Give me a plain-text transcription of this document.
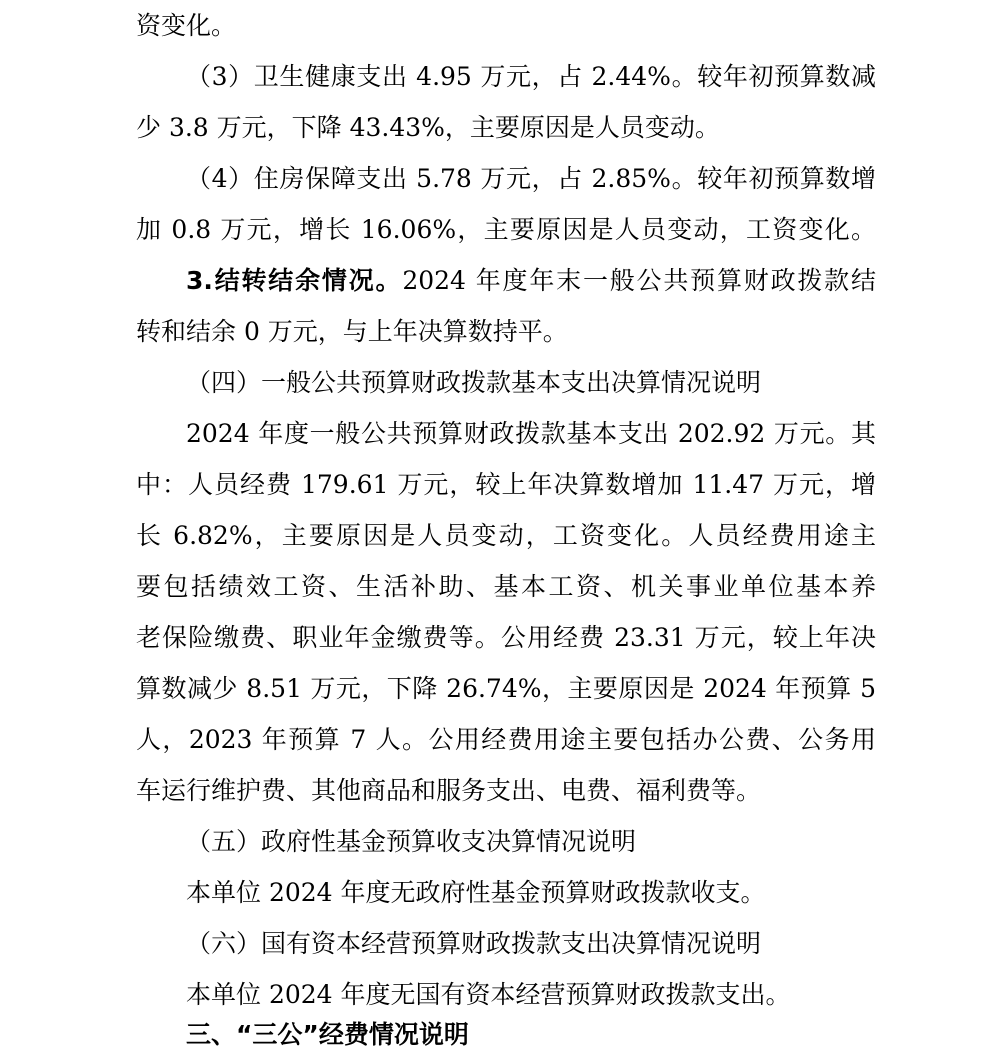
资变化。
（3）卫生健康支出 4.95 万元，占 2.44%。较年初预算数减
少 3.8 万元，下降 43.43%，主要原因是人员变动。
（4）住房保障支出 5.78 万元，占 2.85%。较年初预算数增
加 0.8 万元，增长 16.06%，主要原因是人员变动，工资变化。
3.结转结余情况。2024 年度年末一般公共预算财政拨款结
转和结余 0 万元，与上年决算数持平。
（四）一般公共预算财政拨款基本支出决算情况说明
2024 年度一般公共预算财政拨款基本支出 202.92 万元。其
中：人员经费 179.61 万元，较上年决算数增加 11.47 万元，增
长 6.82%，主要原因是人员变动，工资变化。人员经费用途主
要包括绩效工资、生活补助、基本工资、机关事业单位基本养
老保险缴费、职业年金缴费等。公用经费 23.31 万元，较上年决
算数减少 8.51 万元，下降 26.74%，主要原因是 2024 年预算 5
人，2023 年预算 7 人。公用经费用途主要包括办公费、公务用
车运行维护费、其他商品和服务支出、电费、福利费等。
（五）政府性基金预算收支决算情况说明
本单位 2024 年度无政府性基金预算财政拨款收支。
（六）国有资本经营预算财政拨款支出决算情况说明
本单位 2024 年度无国有资本经营预算财政拨款支出。
三、“三公”经费情况说明
